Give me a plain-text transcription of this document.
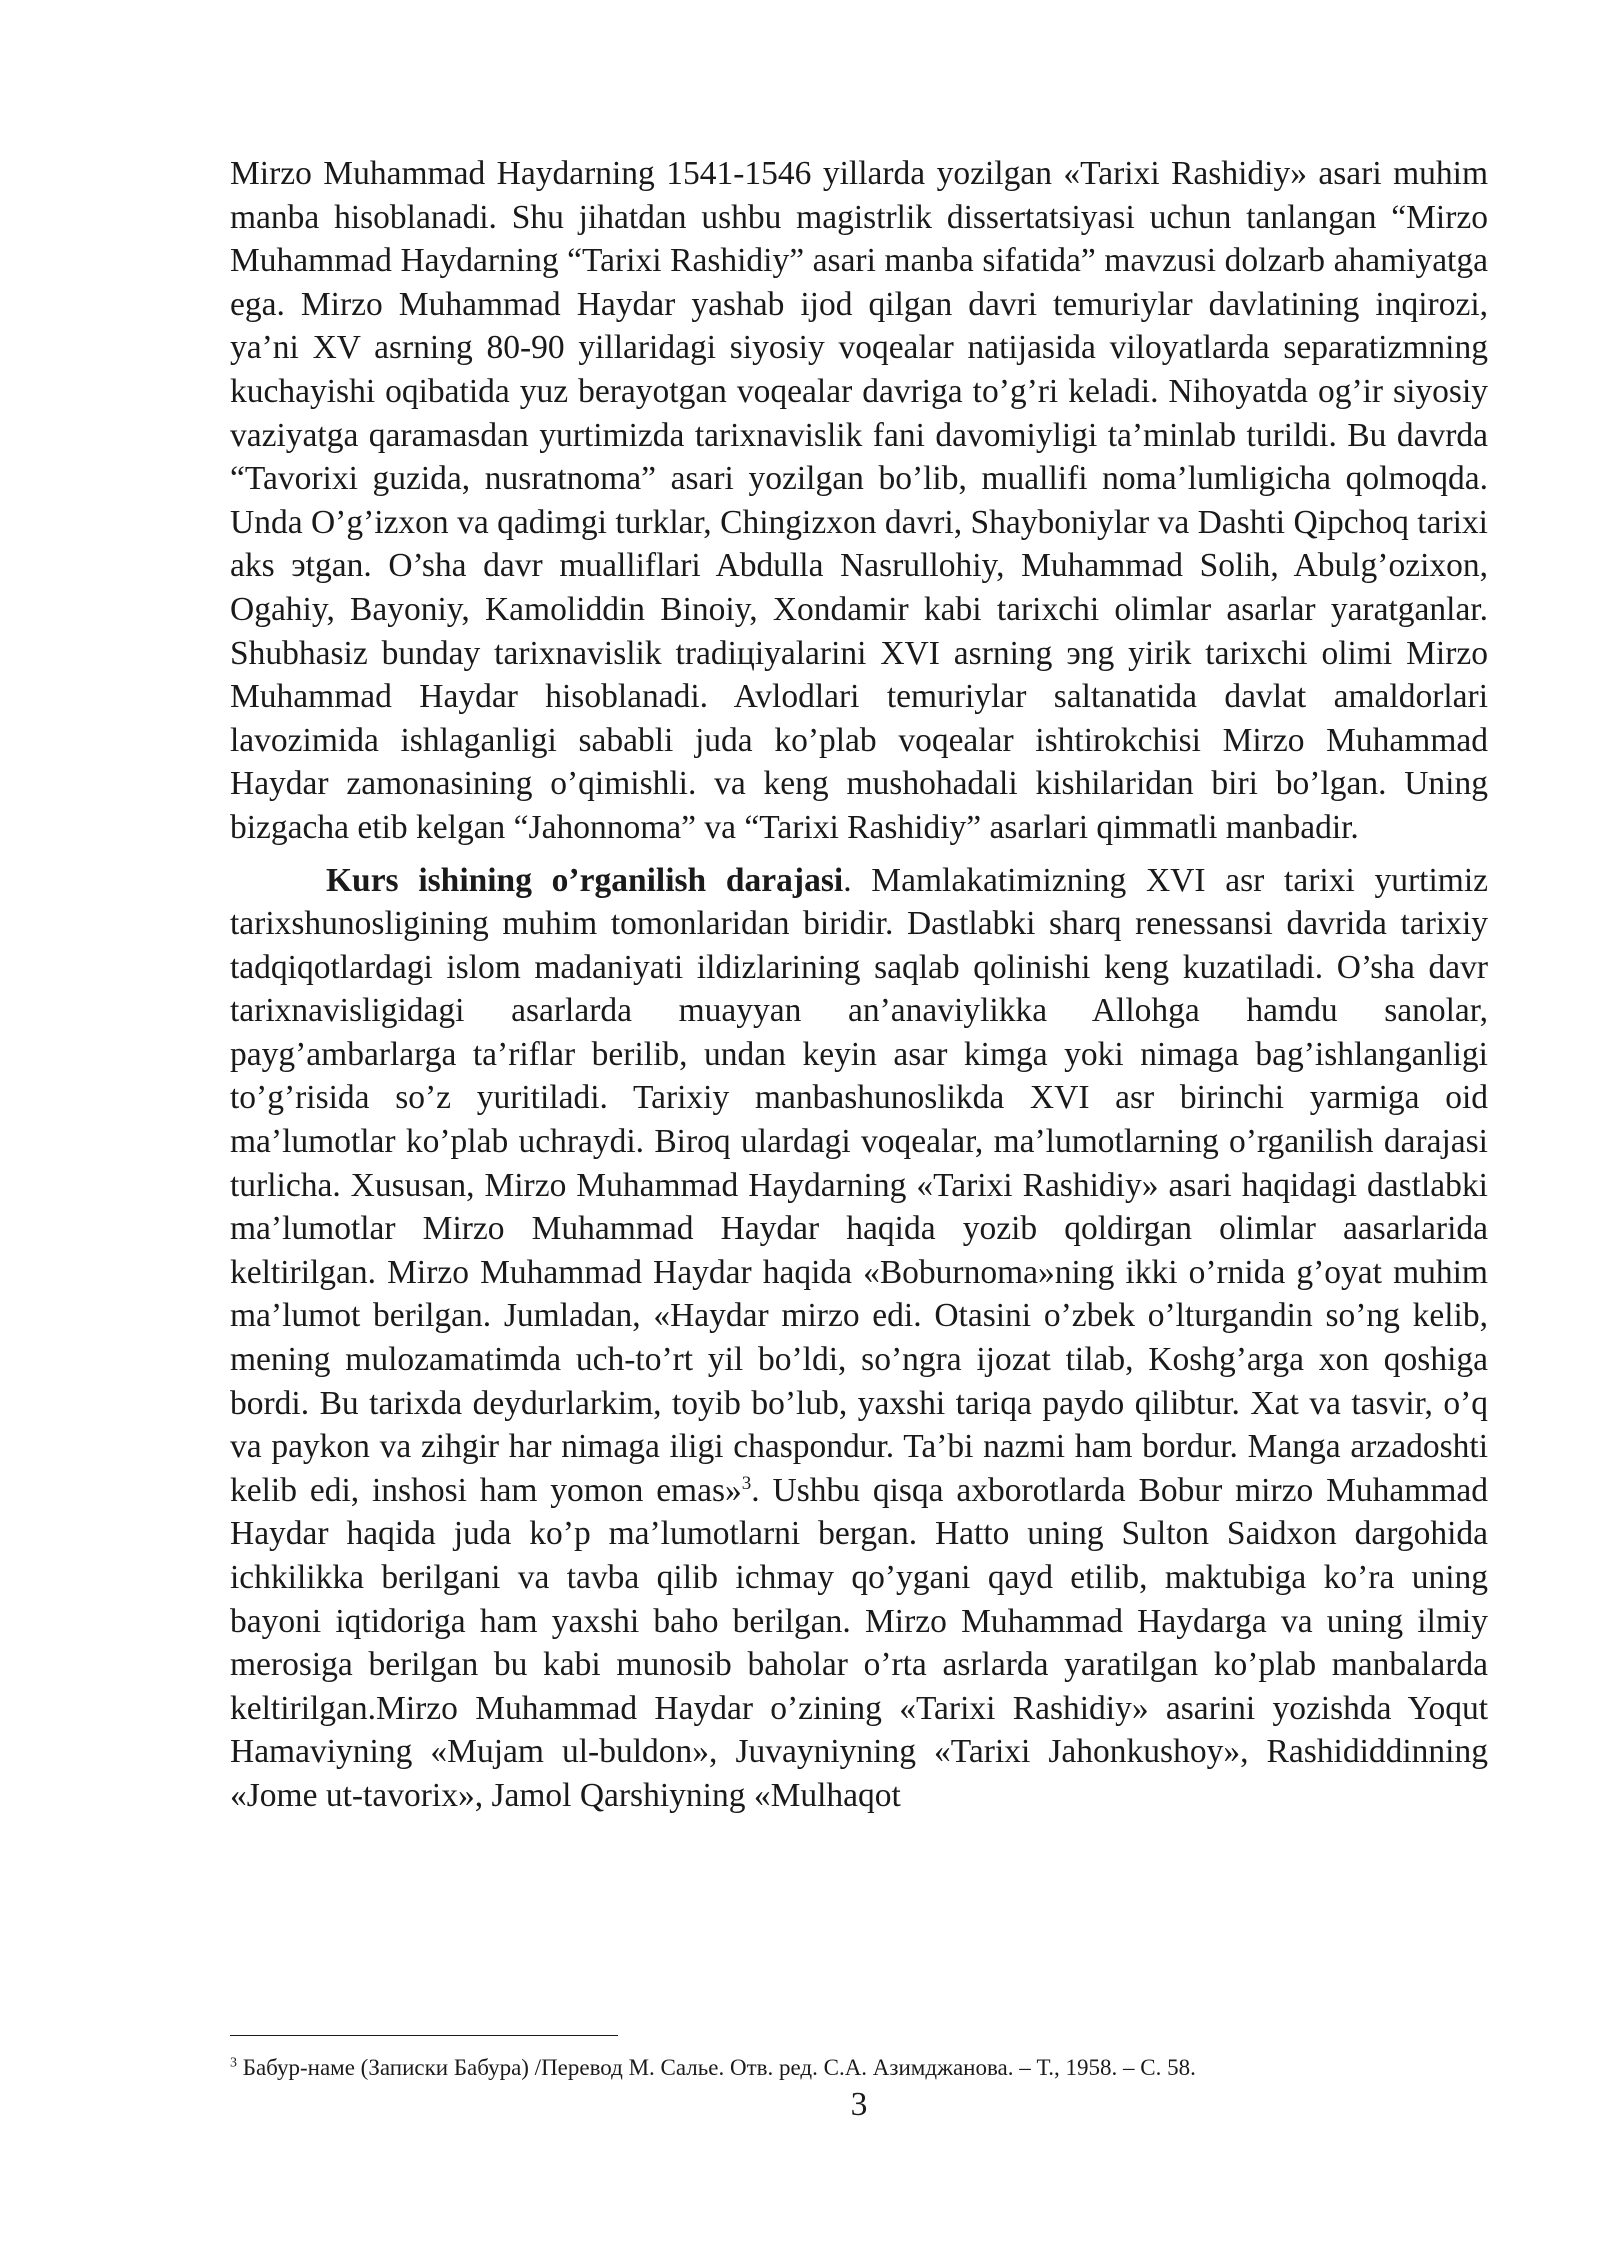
Mirzo Muhammad Haydarning 1541-1546 yillarda yozilgan «Tarixi Rashidiy» asari muhim manba hisoblanadi. Shu jihatdan ushbu magistrlik dissertatsiyasi uchun tanlangan “Mirzo Muhammad Haydarning “Tarixi Rashidiy” asari manba sifatida” mavzusi dolzarb ahamiyatga ega. Mirzo Muhammad Haydar yashab ijod qilgan davri temuriylar davlatining inqirozi, ya’ni XV asrning 80-90 yillaridagi siyosiy voqealar natijasida viloyatlarda separatizmning kuchayishi oqibatida yuz berayotgan voqealar davriga to’g’ri keladi. Nihoyatda og’ir siyosiy vaziyatga qaramasdan yurtimizda tarixnavislik fani davomiyligi ta’minlab turildi. Bu davrda “Tavorixi guzida, nusratnoma” asari yozilgan bo’lib, muallifi noma’lumligicha qolmoqda. Unda O’g’izxon va qadimgi turklar, Chingizxon davri, Shayboniylar va Dashti Qipchoq tarixi aks эtgan. O’sha davr mualliflari Abdulla Nasrullohiy, Muhammad Solih, Abulg’ozixon, Ogahiy, Bayoniy, Kamoliddin Binoiy, Xondamir kabi tarixchi olimlar asarlar yaratganlar. Shubhasiz bunday tarixnavislik tradiцiyalarini XVI asrning эng yirik tarixchi olimi Mirzo Muhammad Haydar hisoblanadi. Avlodlari temuriylar saltanatida davlat amaldorlari lavozimida ishlaganligi sababli juda ko’plab voqealar ishtirokchisi Mirzo Muhammad Haydar zamonasining o’qimishli. va keng mushohadali kishilaridan biri bo’lgan. Uning bizgacha etib kelgan “Jahonnoma” va “Tarixi Rashidiy” asarlari qimmatli manbadir.

Kurs ishining o’rganilish darajasi. Mamlakatimizning XVI asr tarixi yurtimiz tarixshunosligining muhim tomonlaridan biridir. Dastlabki sharq renessansi davrida tarixiy tadqiqotlardagi islom madaniyati ildizlarining saqlab qolinishi keng kuzatiladi. O’sha davr tarixnavisligidagi asarlarda muayyan an’anaviylikka Allohga hamdu sanolar, payg’ambarlarga ta’riflar berilib, undan keyin asar kimga yoki nimaga bag’ishlanganligi to’g’risida so’z yuritiladi. Tarixiy manbashunoslikda XVI asr birinchi yarmiga oid ma’lumotlar ko’plab uchraydi. Biroq ulardagi voqealar, ma’lumotlarning o’rganilish darajasi turlicha. Xususan, Mirzo Muhammad Haydarning «Tarixi Rashidiy» asari haqidagi dastlabki ma’lumotlar Mirzo Muhammad Haydar haqida yozib qoldirgan olimlar aasarlarida keltirilgan. Mirzo Muhammad Haydar haqida «Boburnoma»ning ikki o’rnida g’oyat muhim ma’lumot berilgan. Jumladan, «Haydar mirzo edi. Otasini o’zbek o’lturgandin so’ng kelib, mening mulozamatimda uch-to’rt yil bo’ldi, so’ngra ijozat tilab, Koshg’arga xon qoshiga bordi. Bu tarixda deydurlarkim, toyib bo’lub, yaxshi tariqa paydo qilibtur. Xat va tasvir, o’q va paykon va zihgir har nimaga iligi chaspondur. Ta’bi nazmi ham bordur. Manga arzadoshti kelib edi, inshosi ham yomon emas»$^3$. Ushbu qisqa axborotlarda Bobur mirzo Muhammad Haydar haqida juda ko’p ma’lumotlarni bergan. Hatto uning Sulton Saidxon dargohida ichkilikka berilgani va tavba qilib ichmay qo’ygani qayd etilib, maktubiga ko’ra uning bayoni iqtidoriga ham yaxshi baho berilgan. Mirzo Muhammad Haydarga va uning ilmiy merosiga berilgan bu kabi munosib baholar o’rta asrlarda yaratilgan ko’plab manbalarda keltirilgan.Mirzo Muhammad Haydar o’zining «Tarixi Rashidiy» asarini yozishda Yoqut Hamaviyning «Mujam ul-buldon», Juvayniyning «Tarixi Jahonkushoy», Rashididdinning «Jome ut-tavorix», Jamol Qarshiyning «Mulhaqot

$^3$ Бабур-наме (Записки Бабура) /Перевод М. Салье. Отв. ред. С.А. Азимджанова. – Т., 1958. – С. 58.

3
